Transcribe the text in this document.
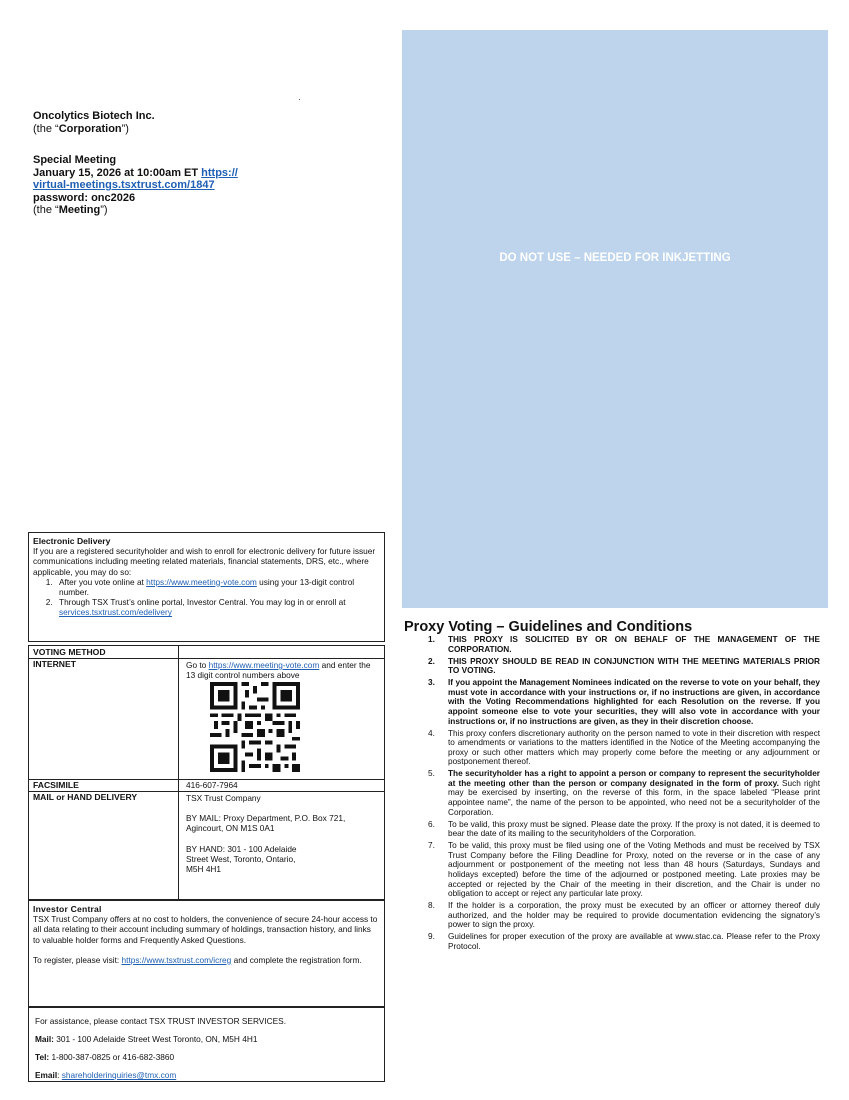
Oncolytics Biotech Inc.
(the “Corporation”)
Special Meeting
January 15, 2026 at 10:00am ET https://
virtual-meetings.tsxtrust.com/1847
password: onc2026
(the “Meeting”)
DO NOT USE – NEEDED FOR INKJETTING
Electronic Delivery
If you are a registered securityholder and wish to enroll for electronic delivery for future issuer communications including meeting related materials, financial statements, DRS, etc., where applicable, you may do so:
1. After you vote online at https://www.meeting-vote.com using your 13-digit control number.
2. Through TSX Trust’s online portal, Investor Central. You may log in or enroll at services.tsxtrust.com/edelivery
VOTING METHOD
INTERNET	Go to https://www.meeting-vote.com and enter the 13 digit control numbers above
FACSIMILE	416-607-7964
MAIL or HAND DELIVERY	TSX Trust Company
BY MAIL: Proxy Department, P.O. Box 721,
Agincourt, ON M1S 0A1
BY HAND: 301 - 100 Adelaide
Street West, Toronto, Ontario,
M5H 4H1
Investor Central
TSX Trust Company offers at no cost to holders, the convenience of secure 24-hour access to all data relating to their account including summary of holdings, transaction history, and links to valuable holder forms and Frequently Asked Questions.
To register, please visit: https://www.tsxtrust.com/icreg and complete the registration form.
For assistance, please contact TSX TRUST INVESTOR SERVICES.
Mail: 301 - 100 Adelaide Street West Toronto, ON, M5H 4H1
Tel: 1-800-387-0825 or 416-682-3860
Email: shareholderinquiries@tmx.com
Proxy Voting – Guidelines and Conditions
1. THIS PROXY IS SOLICITED BY OR ON BEHALF OF THE MANAGEMENT OF THE CORPORATION.
2. THIS PROXY SHOULD BE READ IN CONJUNCTION WITH THE MEETING MATERIALS PRIOR TO VOTING.
3. If you appoint the Management Nominees indicated on the reverse to vote on your behalf, they must vote in accordance with your instructions or, if no instructions are given, in accordance with the Voting Recommendations highlighted for each Resolution on the reverse. If you appoint someone else to vote your securities, they will also vote in accordance with your instructions or, if no instructions are given, as they in their discretion choose.
4. This proxy confers discretionary authority on the person named to vote in their discretion with respect to amendments or variations to the matters identified in the Notice of the Meeting accompanying the proxy or such other matters which may properly come before the meeting or any adjournment or postponement thereof.
5. The securityholder has a right to appoint a person or company to represent the securityholder at the meeting other than the person or company designated in the form of proxy. Such right may be exercised by inserting, on the reverse of this form, in the space labeled “Please print appointee name”, the name of the person to be appointed, who need not be a securityholder of the Corporation.
6. To be valid, this proxy must be signed. Please date the proxy. If the proxy is not dated, it is deemed to bear the date of its mailing to the securityholders of the Corporation.
7. To be valid, this proxy must be filed using one of the Voting Methods and must be received by TSX Trust Company before the Filing Deadline for Proxy, noted on the reverse or in the case of any adjournment or postponement of the meeting not less than 48 hours (Saturdays, Sundays and holidays excepted) before the time of the adjourned or postponed meeting. Late proxies may be accepted or rejected by the Chair of the meeting in their discretion, and the Chair is under no obligation to accept or reject any particular late proxy.
8. If the holder is a corporation, the proxy must be executed by an officer or attorney thereof duly authorized, and the holder may be required to provide documentation evidencing the signatory’s power to sign the proxy.
9. Guidelines for proper execution of the proxy are available at www.stac.ca. Please refer to the Proxy Protocol.
